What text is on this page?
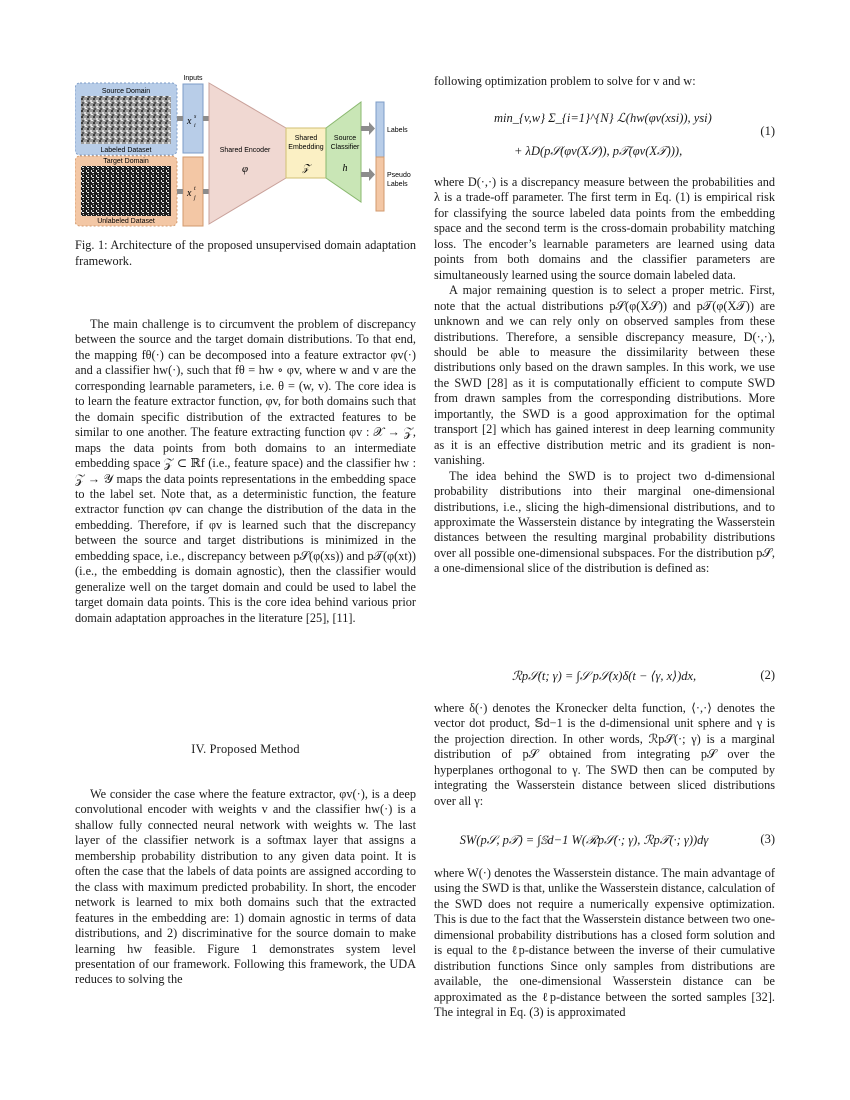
Source Domain
Labeled Dataset
Target Domain
Unlabeled Dataset
Inputs
x s
i
x t
j
Shared Encoder
φ
Shared
Embedding
𝒵
Source
Classifier
h
Labels
Pseudo
Labels
Fig. 1: Architecture of the proposed unsupervised domain adaptation framework.

The main challenge is to circumvent the problem of discrepancy between the source and the target domain distributions. To that end, the mapping fθ(·) can be decomposed into a feature extractor φv(·) and a classifier hw(·), such that fθ = hw ∘ φv, where w and v are the corresponding learnable parameters, i.e. θ = (w, v). The core idea is to learn the feature extractor function, φv, for both domains such that the domain specific distribution of the extracted features to be similar to one another. The feature extracting function φv : 𝒳 → 𝒵, maps the data points from both domains to an intermediate embedding space 𝒵 ⊂ ℝf (i.e., feature space) and the classifier hw : 𝒵 → 𝒴 maps the data points representations in the embedding space to the label set. Note that, as a deterministic function, the feature extractor function φv can change the distribution of the data in the embedding. Therefore, if φv is learned such that the discrepancy between the source and target distributions is minimized in the embedding space, i.e., discrepancy between p𝒮(φ(xs)) and p𝒯(φ(xt)) (i.e., the embedding is domain agnostic), then the classifier would generalize well on the target domain and could be used to label the target domain data points. This is the core idea behind various prior domain adaptation approaches in the literature [25], [11].

IV. Proposed Method

We consider the case where the feature extractor, φv(·), is a deep convolutional encoder with weights v and the classifier hw(·) is a shallow fully connected neural network with weights w. The last layer of the classifier network is a softmax layer that assigns a membership probability distribution to any given data point. It is often the case that the labels of data points are assigned according to the class with maximum predicted probability. In short, the encoder network is learned to mix both domains such that the extracted features in the embedding are: 1) domain agnostic in terms of data distributions, and 2) discriminative for the source domain to make learning hw feasible. Figure 1 demonstrates system level presentation of our framework. Following this framework, the UDA reduces to solving the

following optimization problem to solve for v and w:

min_{v,w} Σ_{i=1}^{N} ℒ(hw(φv(xsi)), ysi)
+ λD(p𝒮(φv(X𝒮)), p𝒯(φv(X𝒯))),
(1)

where D(·,·) is a discrepancy measure between the probabilities and λ is a trade-off parameter. The first term in Eq. (1) is empirical risk for classifying the source labeled data points from the embedding space and the second term is the cross-domain probability matching loss. The encoder’s learnable parameters are learned using data points from both domains and the classifier parameters are simultaneously learned using the source domain labeled data.

A major remaining question is to select a proper metric. First, note that the actual distributions p𝒮(φ(X𝒮)) and p𝒯(φ(X𝒯)) are unknown and we can rely only on observed samples from these distributions. Therefore, a sensible discrepancy measure, D(·,·), should be able to measure the dissimilarity between these distributions only based on the drawn samples. In this work, we use the SWD [28] as it is computationally efficient to compute SWD from drawn samples from the corresponding distributions. More importantly, the SWD is a good approximation for the optimal transport [2] which has gained interest in deep learning community as it is an effective distribution metric and its gradient is non-vanishing.

The idea behind the SWD is to project two d-dimensional probability distributions into their marginal one-dimensional distributions, i.e., slicing the high-dimensional distributions, and to approximate the Wasserstein distance by integrating the Wasserstein distances between the resulting marginal probability distributions over all possible one-dimensional subspaces. For the distribution p𝒮, a one-dimensional slice of the distribution is defined as:

ℛp𝒮(t; γ) = ∫𝒮 p𝒮(x)δ(t − ⟨γ, x⟩)dx,	(2)

where δ(·) denotes the Kronecker delta function, ⟨·,·⟩ denotes the vector dot product, 𝕊d−1 is the d-dimensional unit sphere and γ is the projection direction. In other words, ℛp𝒮(·; γ) is a marginal distribution of p𝒮 obtained from integrating p𝒮 over the hyperplanes orthogonal to γ. The SWD then can be computed by integrating the Wasserstein distance between sliced distributions over all γ:

SW(p𝒮, p𝒯) = ∫𝕊d−1 W(ℛp𝒮(·; γ), ℛp𝒯(·; γ))dγ	(3)

where W(·) denotes the Wasserstein distance. The main advantage of using the SWD is that, unlike the Wasserstein distance, calculation of the SWD does not require a numerically expensive optimization. This is due to the fact that the Wasserstein distance between two one-dimensional probability distributions has a closed form solution and is equal to the ℓp-distance between the inverse of their cumulative distribution functions Since only samples from distributions are available, the one-dimensional Wasserstein distance can be approximated as the ℓp-distance between the sorted samples [32]. The integral in Eq. (3) is approximated
